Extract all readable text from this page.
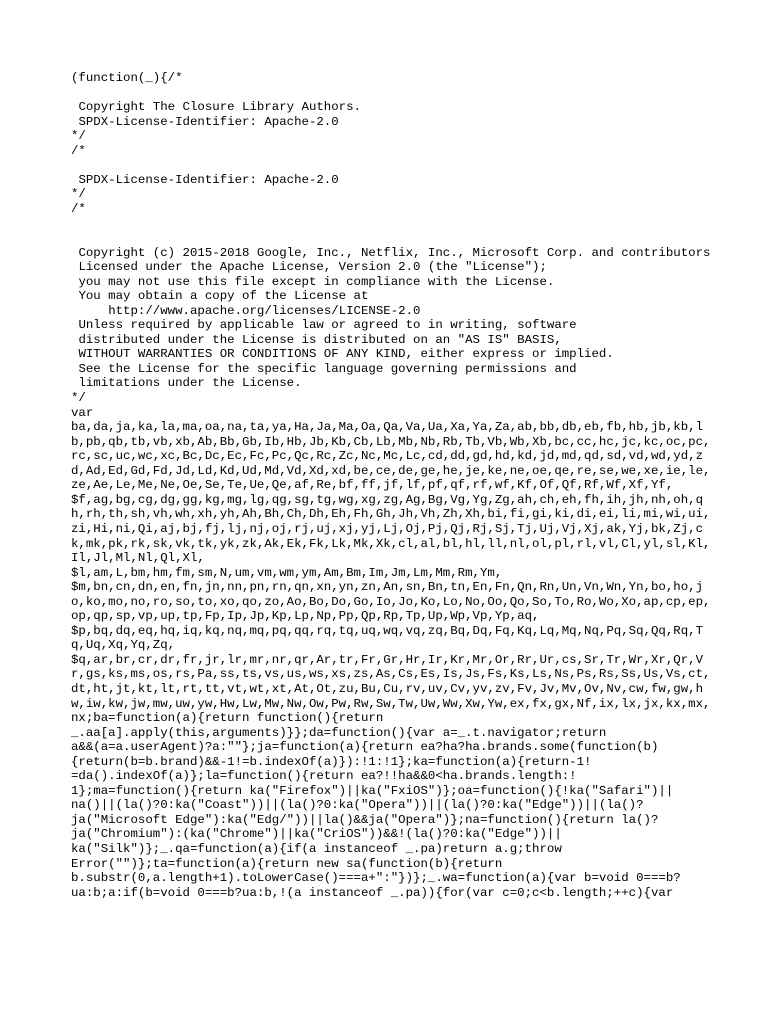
(function(_){/*

Copyright The Closure Library Authors.
SPDX-License-Identifier: Apache-2.0
*/
/*

SPDX-License-Identifier: Apache-2.0
*/
/*

Copyright (c) 2015-2018 Google, Inc., Netflix, Inc., Microsoft Corp. and contributors
Licensed under the Apache License, Version 2.0 (the "License");
you may not use this file except in compliance with the License.
You may obtain a copy of the License at
http://www.apache.org/licenses/LICENSE-2.0
Unless required by applicable law or agreed to in writing, software
distributed under the License is distributed on an "AS IS" BASIS,
WITHOUT WARRANTIES OR CONDITIONS OF ANY KIND, either express or implied.
See the License for the specific language governing permissions and
limitations under the License.
*/
var
ba,da,ja,ka,la,ma,oa,na,ta,ya,Ha,Ja,Ma,Oa,Qa,Va,Ua,Xa,Ya,Za,ab,bb,db,eb,fb,hb,jb,kb,lb,pb,qb,tb,vb,xb,Ab,Bb,Gb,Ib,Hb,Jb,Kb,Cb,Lb,Mb,Nb,Rb,Tb,Vb,Wb,Xb,bc,cc,hc,jc,kc,oc,pc,rc,sc,uc,wc,xc,Bc,Dc,Ec,Fc,Pc,Qc,Rc,Zc,Nc,Mc,Lc,cd,dd,gd,hd,kd,jd,md,qd,sd,vd,wd,yd,zd,Ad,Ed,Gd,Fd,Jd,Ld,Kd,Ud,Md,Vd,Xd,xd,be,ce,de,ge,he,je,ke,ne,oe,qe,re,se,we,xe,ie,le,ze,Ae,Le,Me,Ne,Oe,Se,Te,Ue,Qe,af,Re,bf,ff,jf,lf,pf,qf,rf,wf,Kf,Of,Qf,Rf,Wf,Xf,Yf,
$f,ag,bg,cg,dg,gg,kg,mg,lg,qg,sg,tg,wg,xg,zg,Ag,Bg,Vg,Yg,Zg,ah,ch,eh,fh,ih,jh,nh,oh,qh,rh,th,sh,vh,wh,xh,yh,Ah,Bh,Ch,Dh,Eh,Fh,Gh,Jh,Vh,Zh,Xh,bi,fi,gi,ki,di,ei,li,mi,wi,ui,zi,Hi,ni,Qi,aj,bj,fj,lj,nj,oj,rj,uj,xj,yj,Lj,Oj,Pj,Qj,Rj,Sj,Tj,Uj,Vj,Xj,ak,Yj,bk,Zj,ck,mk,pk,rk,sk,vk,tk,yk,zk,Ak,Ek,Fk,Lk,Mk,Xk,cl,al,bl,hl,ll,nl,ol,pl,rl,vl,Cl,yl,sl,Kl,Il,Jl,Ml,Nl,Ql,Xl,
$l,am,L,bm,hm,fm,sm,N,um,vm,wm,ym,Am,Bm,Im,Jm,Lm,Mm,Rm,Ym,
$m,bn,cn,dn,en,fn,jn,nn,pn,rn,qn,xn,yn,zn,An,sn,Bn,tn,En,Fn,Qn,Rn,Un,Vn,Wn,Yn,bo,ho,jo,ko,mo,no,ro,so,to,xo,qo,zo,Ao,Bo,Do,Go,Io,Jo,Ko,Lo,No,Oo,Qo,So,To,Ro,Wo,Xo,ap,cp,ep,op,qp,sp,vp,up,tp,Fp,Ip,Jp,Kp,Lp,Np,Pp,Qp,Rp,Tp,Up,Wp,Vp,Yp,aq,
$p,bq,dq,eq,hq,iq,kq,nq,mq,pq,qq,rq,tq,uq,wq,vq,zq,Bq,Dq,Fq,Kq,Lq,Mq,Nq,Pq,Sq,Qq,Rq,Tq,Uq,Xq,Yq,Zq,
$q,ar,br,cr,dr,fr,jr,lr,mr,nr,qr,Ar,tr,Fr,Gr,Hr,Ir,Kr,Mr,Or,Rr,Ur,cs,Sr,Tr,Wr,Xr,Qr,Vr,gs,ks,ms,os,rs,Pa,ss,ts,vs,us,ws,xs,zs,As,Cs,Es,Is,Js,Fs,Ks,Ls,Ns,Ps,Rs,Ss,Us,Vs,ct,dt,ht,jt,kt,lt,rt,tt,vt,wt,xt,At,Ot,zu,Bu,Cu,rv,uv,Cv,yv,zv,Fv,Jv,Mv,Ov,Nv,cw,fw,gw,hw,iw,kw,jw,mw,uw,yw,Hw,Lw,Mw,Nw,Ow,Pw,Rw,Sw,Tw,Uw,Ww,Xw,Yw,ex,fx,gx,Nf,ix,lx,jx,kx,mx,nx;ba=function(a){return function(){return
_.aa[a].apply(this,arguments)}};da=function(){var a=_.t.navigator;return
a&&(a=a.userAgent)?a:""};ja=function(a){return ea?ha?ha.brands.some(function(b)
{return(b=b.brand)&&-1!=b.indexOf(a)}):!1:!1};ka=function(a){return-1!
=da().indexOf(a)};la=function(){return ea?!!ha&&0<ha.brands.length:!
1};ma=function(){return ka("Firefox")||ka("FxiOS")};oa=function(){!ka("Safari")||
na()||(la()?0:ka("Coast"))||(la()?0:ka("Opera"))||(la()?0:ka("Edge"))||(la()?
ja("Microsoft Edge"):ka("Edg/"))||la()&&ja("Opera")};na=function(){return la()?
ja("Chromium"):(ka("Chrome")||ka("CriOS"))&&!(la()?0:ka("Edge"))||
ka("Silk")};_.qa=function(a){if(a instanceof _.pa)return a.g;throw
Error("")};ta=function(a){return new sa(function(b){return
b.substr(0,a.length+1).toLowerCase()===a+":"})};_.wa=function(a){var b=void 0===b?
ua:b;a:if(b=void 0===b?ua:b,!(a instanceof _.pa)){for(var c=0;c<b.length;++c){var
